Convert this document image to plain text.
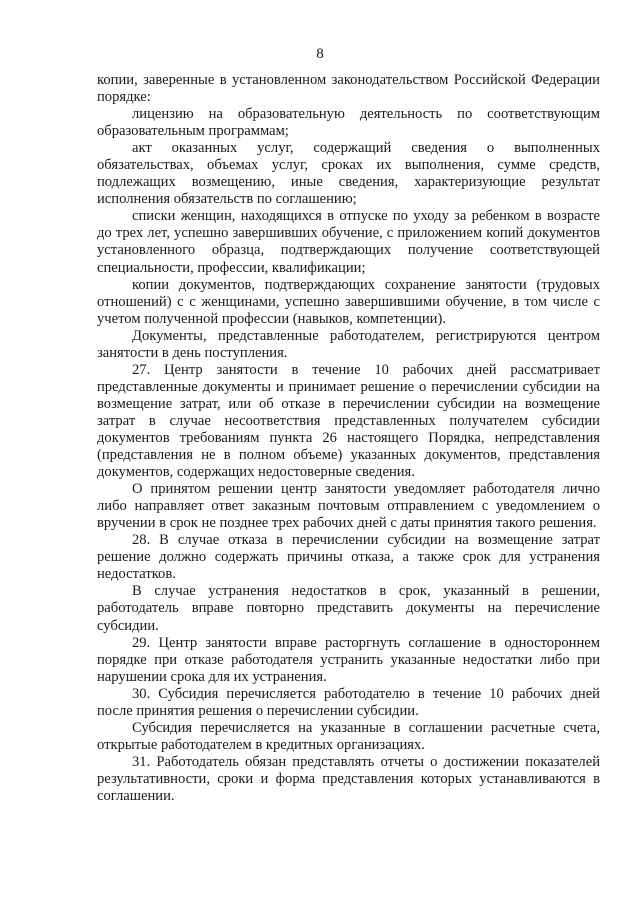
8

копии, заверенные в установленном законодательством Российской Федерации порядке:

лицензию на образовательную деятельность по соответствующим образовательным программам;

акт оказанных услуг, содержащий сведения о выполненных обязательствах, объемах услуг, сроках их выполнения, сумме средств, подлежащих возмещению, иные сведения, характеризующие результат исполнения обязательств по соглашению;

списки женщин, находящихся в отпуске по уходу за ребенком в возрасте до трех лет, успешно завершивших обучение, с приложением копий документов установленного образца, подтверждающих получение соответствующей специальности, профессии, квалификации;

копии документов, подтверждающих сохранение занятости (трудовых отношений) с с женщинами, успешно завершившими обучение, в том числе с учетом полученной профессии (навыков, компетенции).

Документы, представленные работодателем, регистрируются центром занятости в день поступления.

27. Центр занятости в течение 10 рабочих дней рассматривает представленные документы и принимает решение о перечислении субсидии на возмещение затрат, или об отказе в перечислении субсидии на возмещение затрат в случае несоответствия представленных получателем субсидии документов требованиям пункта 26 настоящего Порядка, непредставления (представления не в полном объеме) указанных документов, представления документов, содержащих недостоверные сведения.

О принятом решении центр занятости уведомляет работодателя лично либо направляет ответ заказным почтовым отправлением с уведомлением о вручении в срок не позднее трех рабочих дней с даты принятия такого решения.

28. В случае отказа в перечислении субсидии на возмещение затрат решение должно содержать причины отказа, а также срок для устранения недостатков.

В случае устранения недостатков в срок, указанный в решении, работодатель вправе повторно представить документы на перечисление субсидии.

29. Центр занятости вправе расторгнуть соглашение в одностороннем порядке при отказе работодателя устранить указанные недостатки либо при нарушении срока для их устранения.

30. Субсидия перечисляется работодателю в течение 10 рабочих дней после принятия решения о перечислении субсидии.

Субсидия перечисляется на указанные в соглашении расчетные счета, открытые работодателем в кредитных организациях.

31. Работодатель обязан представлять отчеты о достижении показателей результативности, сроки и форма представления которых устанавливаются в соглашении.
